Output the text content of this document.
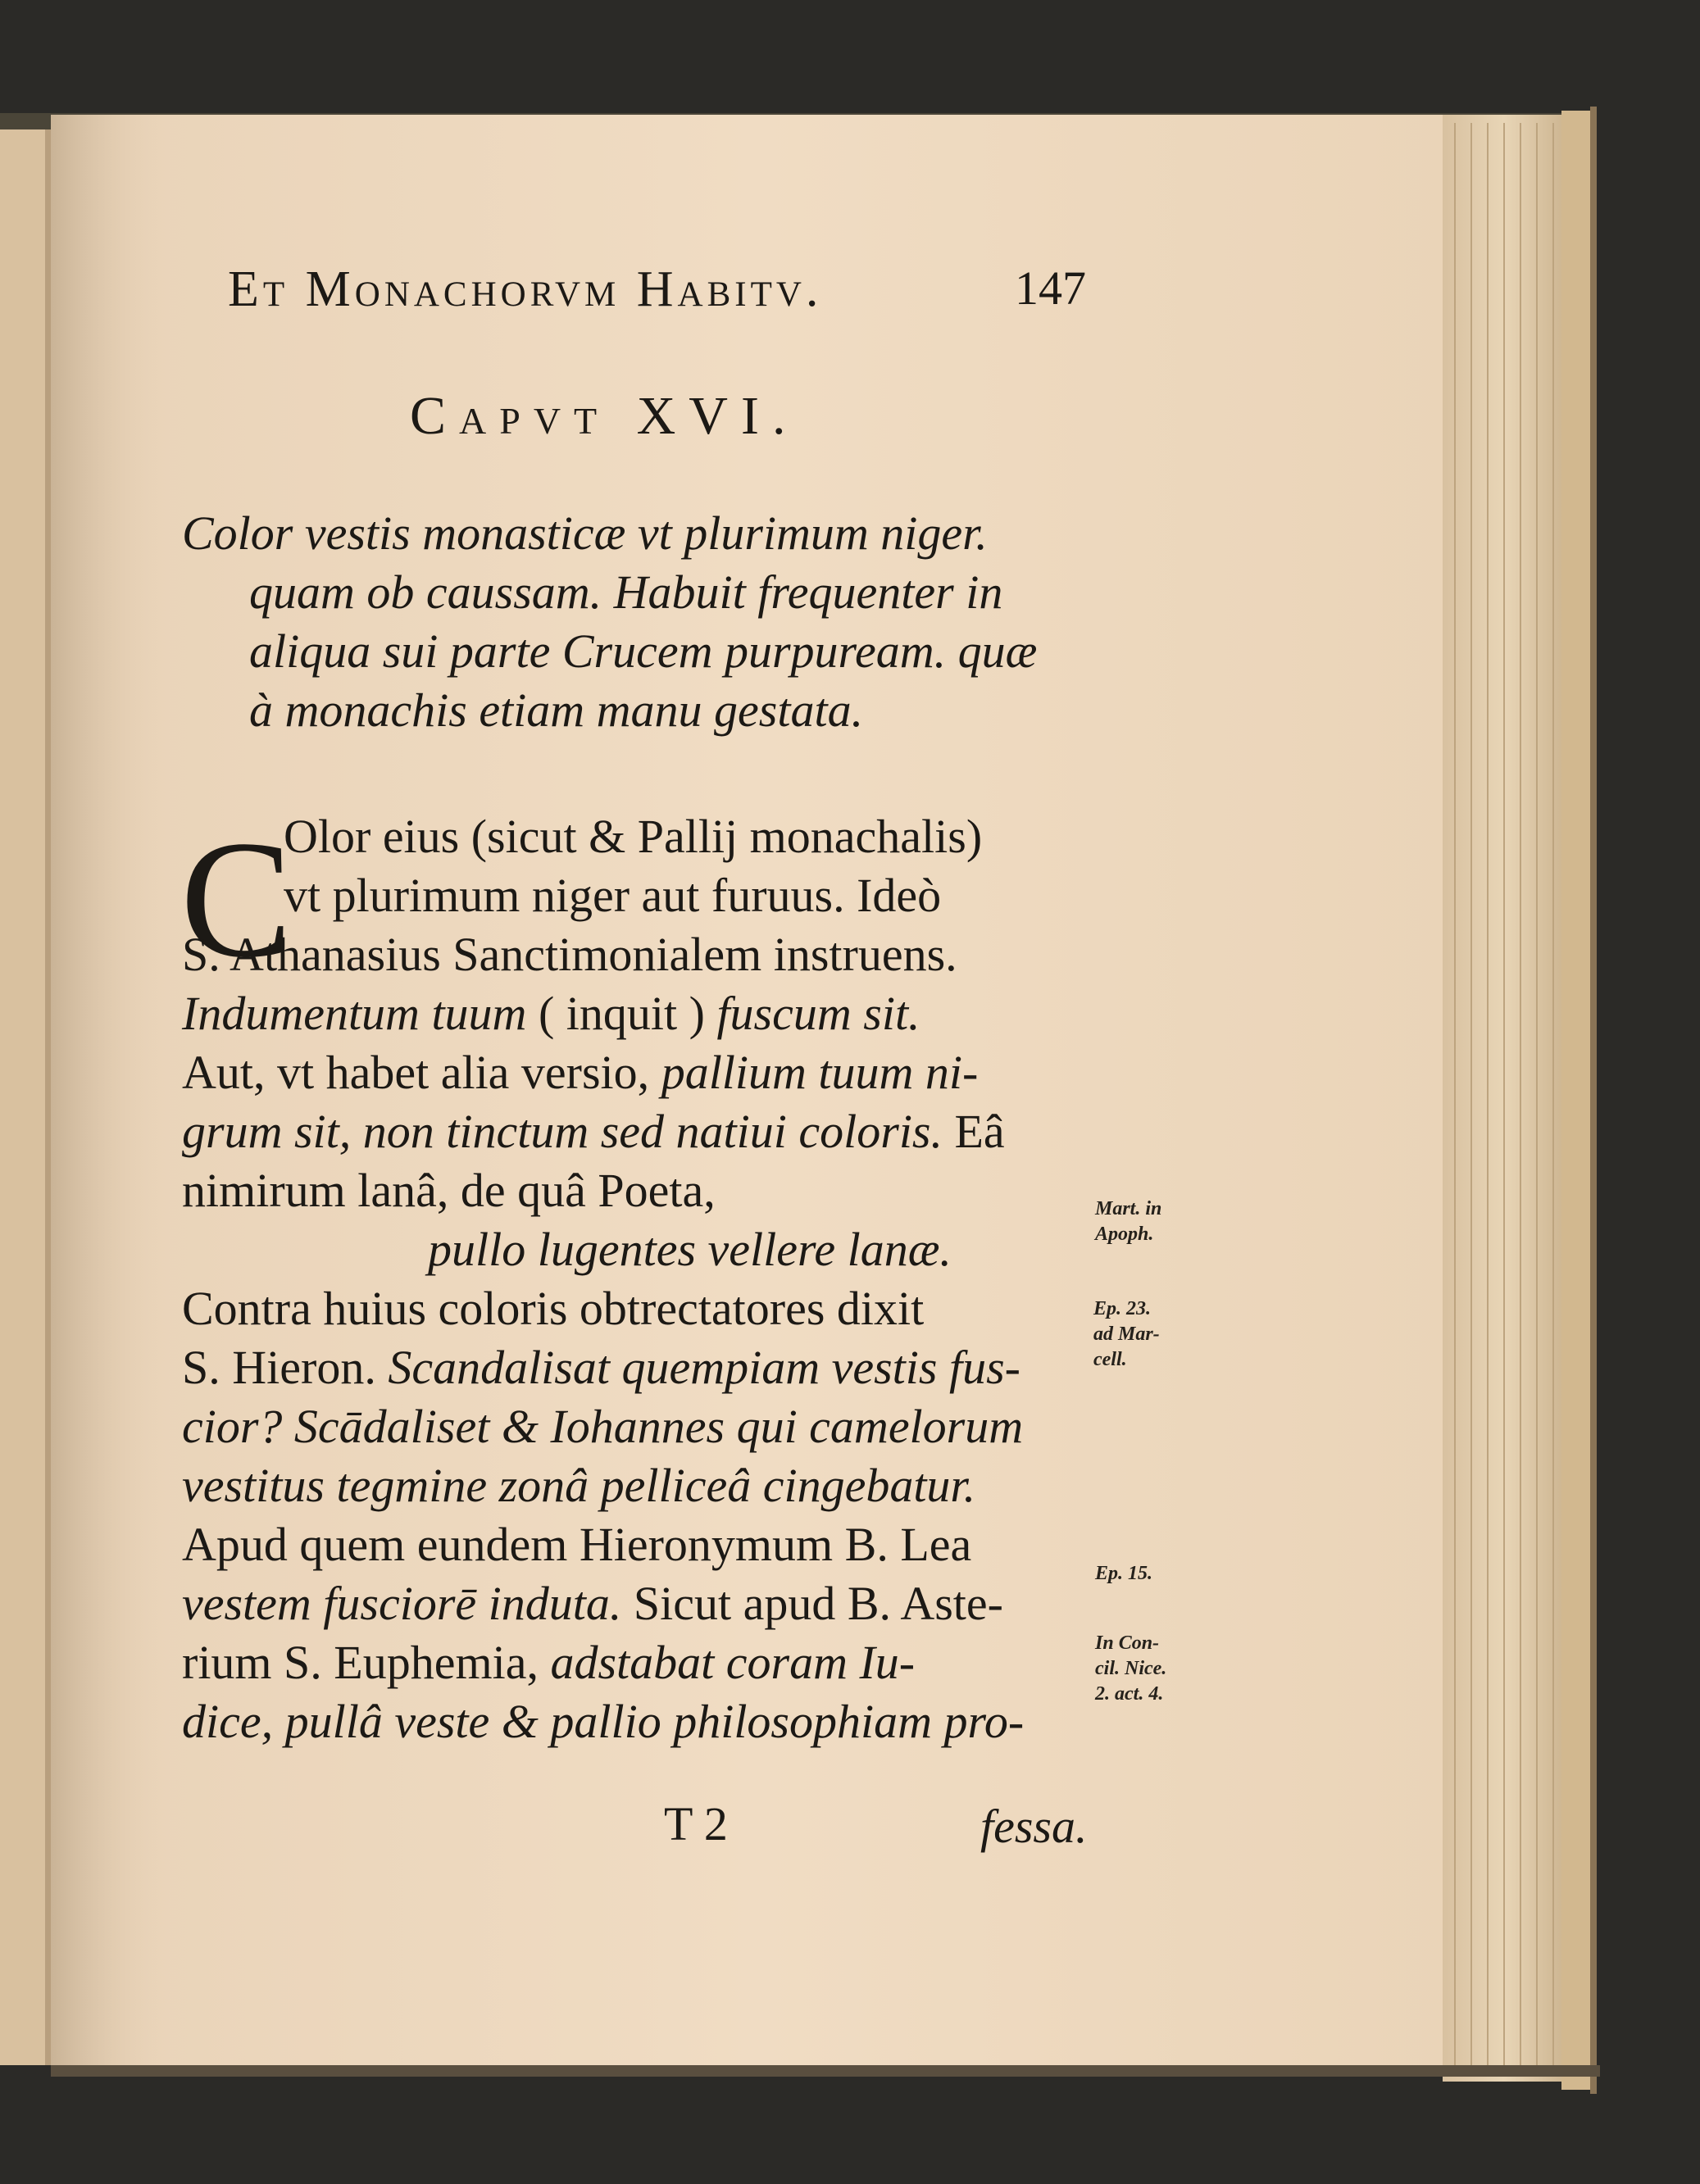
Et Monachorvm Habitv.	147
Capvt XVI.
Color vestis monasticæ vt plurimum niger.
quam ob caussam. Habuit frequenter in
aliqua sui parte Crucem purpuream. quæ
à monachis etiam manu gestata.
C
Olor eius (sicut & Pallij monachalis)
vt plurimum niger aut furuus. Ideò
S. Athanasius Sanctimonialem instruens.
Indumentum tuum ( inquit ) fuscum sit.
Aut, vt habet alia versio, pallium tuum ni-
grum sit, non tinctum sed natiui coloris. Eâ
nimirum lanâ, de quâ Poeta,
pullo lugentes vellere lanæ.
Contra huius coloris obtrectatores dixit
S. Hieron. Scandalisat quempiam vestis fus-
cior? Scādaliset & Iohannes qui camelorum
vestitus tegmine zonâ pelliceâ cingebatur.
Apud quem eundem Hieronymum B. Lea
vestem fusciorē induta. Sicut apud B. Aste-
rium S. Euphemia, adstabat coram Iu-
dice, pullâ veste & pallio philosophiam pro-
Mart. in
Apoph.
Ep. 23.
ad Mar-
cell.
Ep. 15.
In Con-
cil. Nice.
2. act. 4.
T 2	fessa.
